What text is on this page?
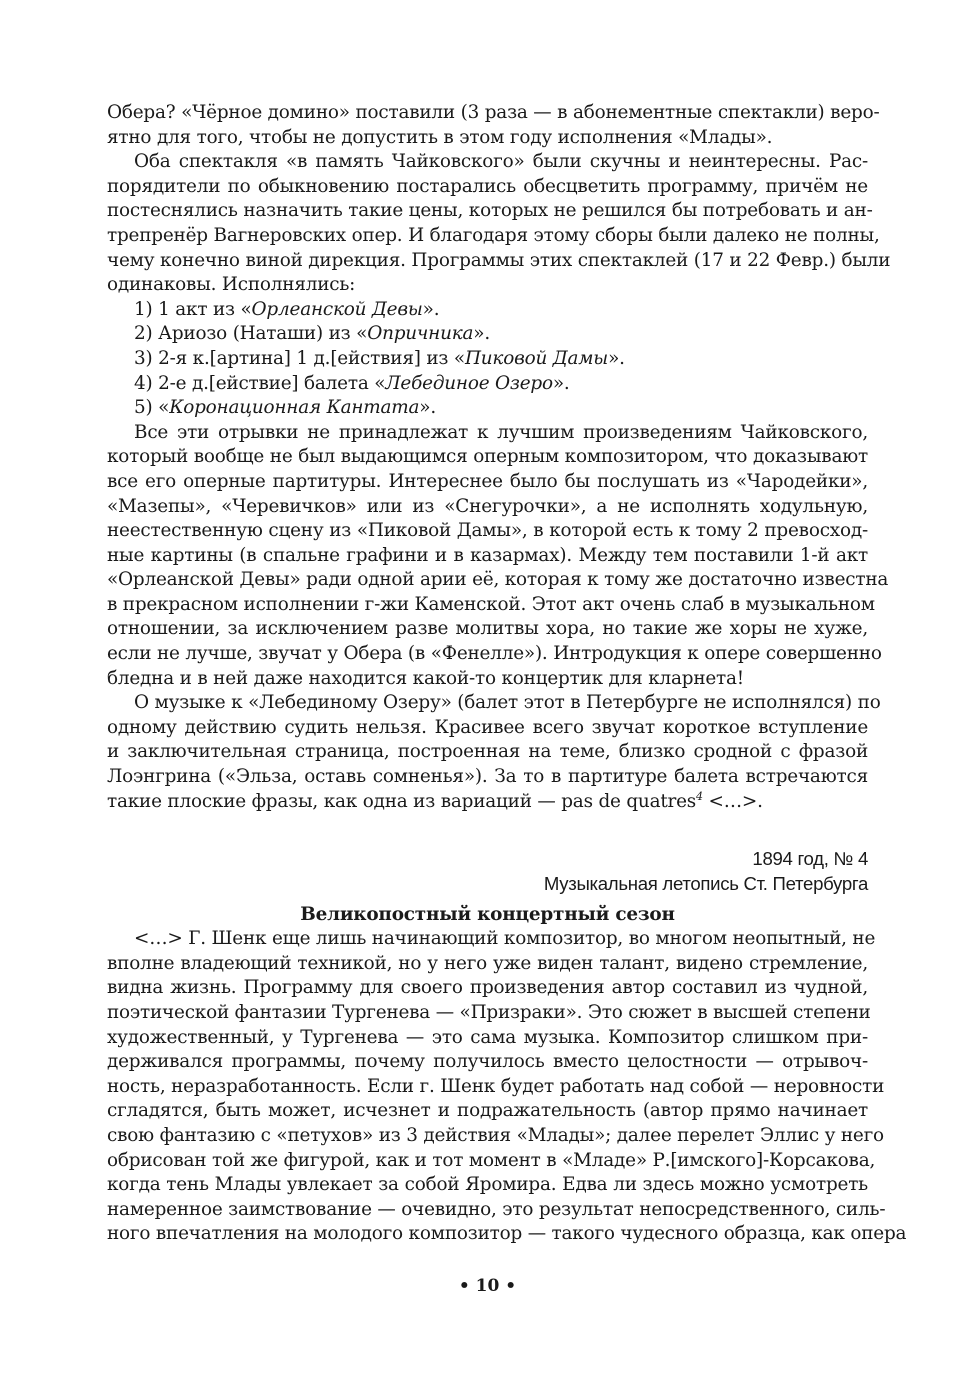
Обера? «Чёрное домино» поставили (3 раза — в абонементные спектакли) веро-
ятно для того, чтобы не допустить в этом году исполнения «Млады».

Оба спектакля «в память Чайковского» были скучны и неинтересны. Рас-
порядители по обыкновению постарались обесцветить программу, причём не
постеснялись назначить такие цены, которых не решился бы потребовать и ан-
трепренёр Вагнеровских опер. И благодаря этому сборы были далеко не полны,
чему конечно виной дирекция. Программы этих спектаклей (17 и 22 Февр.) были
одинаковы. Исполнялись:

1) 1 акт из «Орлеанской Девы».

2) Ариозо (Наташи) из «Опричника».

3) 2-я к.[артина] 1 д.[ействия] из «Пиковой Дамы».

4) 2-е д.[ействие] балета «Лебединое Озеро».

5) «Коронационная Кантата».

Все эти отрывки не принадлежат к лучшим произведениям Чайковского,
который вообще не был выдающимся оперным композитором, что доказывают
все его оперные партитуры. Интереснее было бы послушать из «Чародейки»,
«Мазепы», «Черевичков» или из «Снегурочки», а не исполнять ходульную,
неестественную сцену из «Пиковой Дамы», в которой есть к тому 2 превосход-
ные картины (в спальне графини и в казармах). Между тем поставили 1-й акт
«Орлеанской Девы» ради одной арии её, которая к тому же достаточно известна
в прекрасном исполнении г-жи Каменской. Этот акт очень слаб в музыкальном
отношении, за исключением разве молитвы хора, но такие же хоры не хуже,
если не лучше, звучат у Обера (в «Фенелле»). Интродукция к опере совершенно
бледна и в ней даже находится какой-то концертик для кларнета!

О музыке к «Лебединому Озеру» (балет этот в Петербурге не исполнялся) по
одному действию судить нельзя. Красивее всего звучат короткое вступление
и заключительная страница, построенная на теме, близко сродной с фразой
Лоэнгрина («Эльза, оставь сомненья»). За то в партитуре балета встречаются
такие плоские фразы, как одна из вариаций — pas de quatres$^4$ <…>.

1894 год, № 4

Музыкальная летопись Ст. Петербурга

Великопостный концертный сезон

<…> Г. Шенк еще лишь начинающий композитор, во многом неопытный, не
вполне владеющий техникой, но у него уже виден талант, видено стремление,
видна жизнь. Программу для своего произведения автор составил из чудной,
поэтической фантазии Тургенева — «Призраки». Это сюжет в высшей степени
художественный, у Тургенева — это сама музыка. Композитор слишком при-
держивался программы, почему получилось вместо целостности — отрывоч-
ность, неразработанность. Если г. Шенк будет работать над собой — неровности
сгладятся, быть может, исчезнет и подражательность (автор прямо начинает
свою фантазию с «петухов» из 3 действия «Млады»; далее перелет Эллис у него
обрисован той же фигурой, как и тот момент в «Младе» Р.[имского]-Корсакова,
когда тень Млады увлекает за собой Яромира. Едва ли здесь можно усмотреть
намеренное заимствование — очевидно, это результат непосредственного, силь-
ного впечатления на молодого композитор — такого чудесного образца, как опера

• 10 •
